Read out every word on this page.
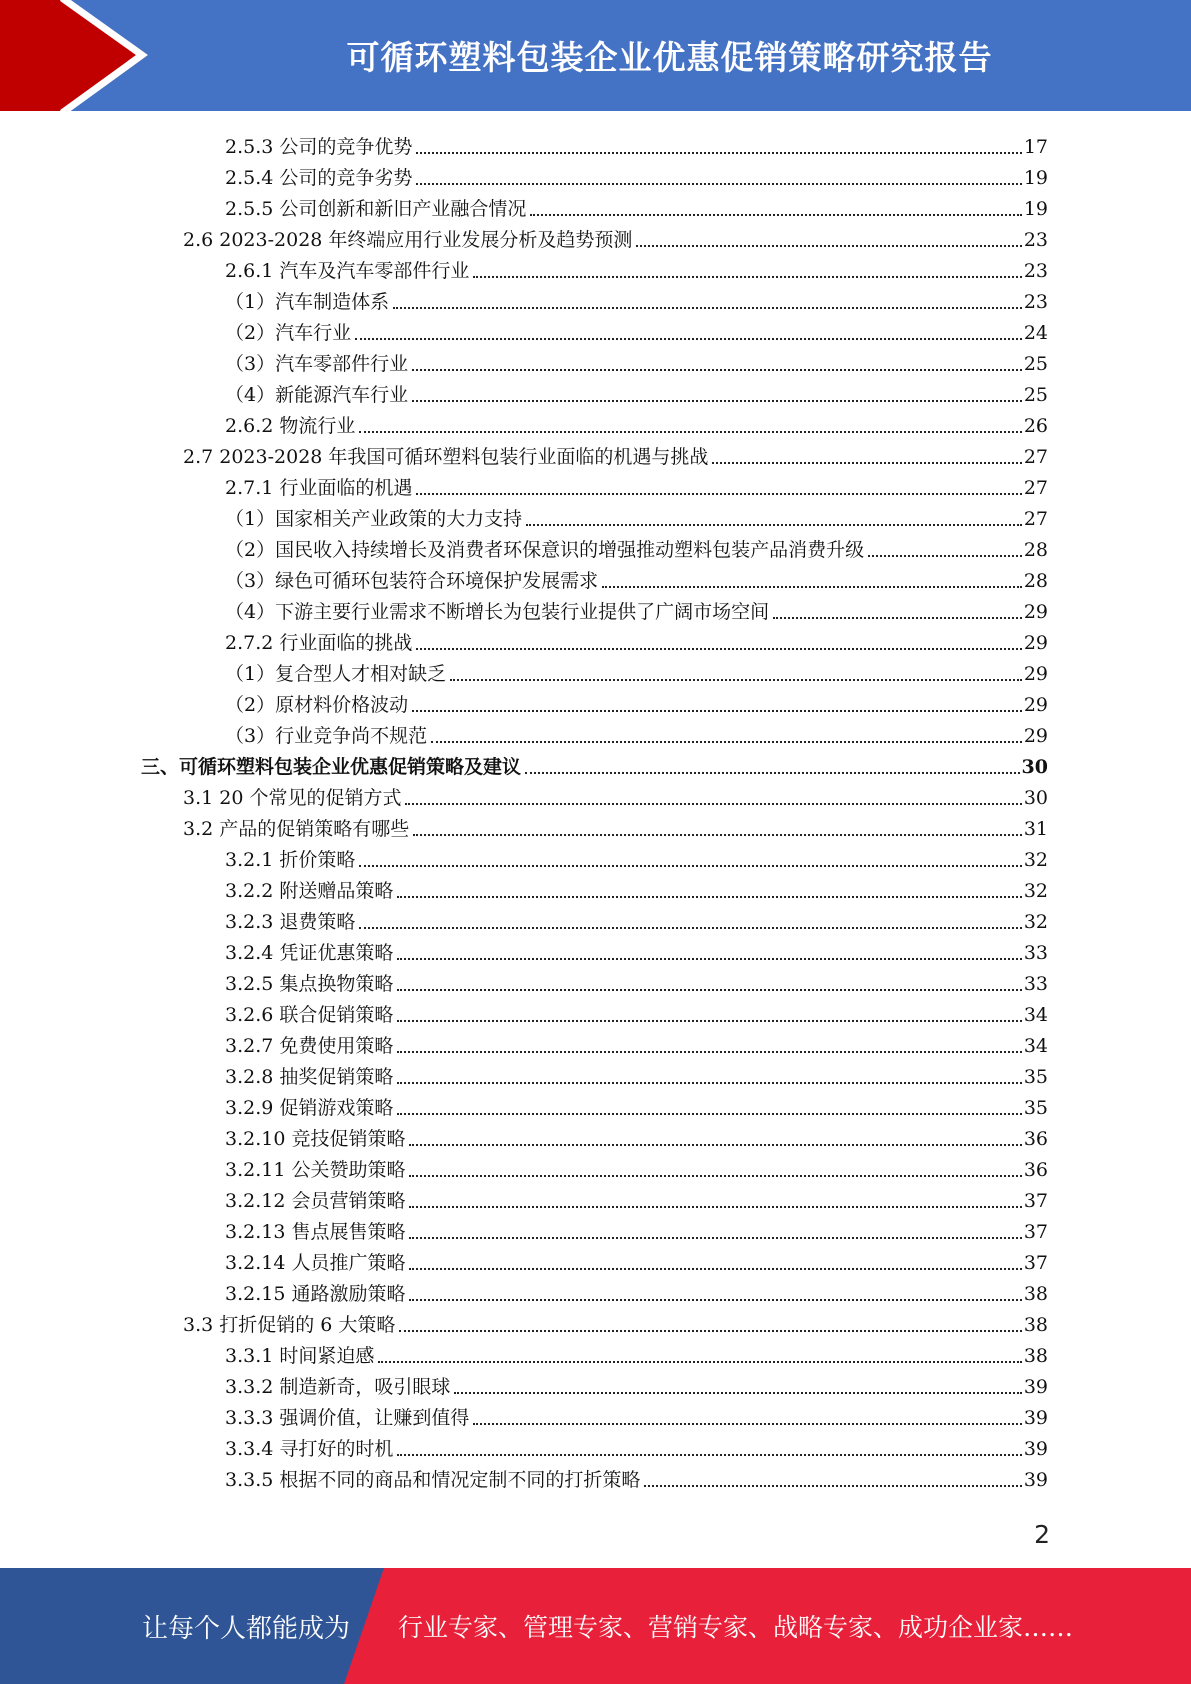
可循环塑料包装企业优惠促销策略研究报告
2.5.3 公司的竞争优势	17
2.5.4 公司的竞争劣势	19
2.5.5 公司创新和新旧产业融合情况	19
2.6 2023-2028 年终端应用行业发展分析及趋势预测	23
2.6.1 汽车及汽车零部件行业	23
（1）汽车制造体系	23
（2）汽车行业	24
（3）汽车零部件行业	25
（4）新能源汽车行业	25
2.6.2 物流行业	26
2.7 2023-2028 年我国可循环塑料包装行业面临的机遇与挑战	27
2.7.1 行业面临的机遇	27
（1）国家相关产业政策的大力支持	27
（2）国民收入持续增长及消费者环保意识的增强推动塑料包装产品消费升级	28
（3）绿色可循环包装符合环境保护发展需求	28
（4）下游主要行业需求不断增长为包装行业提供了广阔市场空间	29
2.7.2 行业面临的挑战	29
（1）复合型人才相对缺乏	29
（2）原材料价格波动	29
（3）行业竞争尚不规范	29
三、可循环塑料包装企业优惠促销策略及建议	30
3.1 20 个常见的促销方式	30
3.2 产品的促销策略有哪些	31
3.2.1 折价策略	32
3.2.2 附送赠品策略	32
3.2.3 退费策略	32
3.2.4 凭证优惠策略	33
3.2.5 集点换物策略	33
3.2.6 联合促销策略	34
3.2.7 免费使用策略	34
3.2.8 抽奖促销策略	35
3.2.9 促销游戏策略	35
3.2.10 竞技促销策略	36
3.2.11 公关赞助策略	36
3.2.12 会员营销策略	37
3.2.13 售点展售策略	37
3.2.14 人员推广策略	37
3.2.15 通路激励策略	38
3.3 打折促销的 6 大策略	38
3.3.1 时间紧迫感	38
3.3.2 制造新奇，吸引眼球	39
3.3.3 强调价值，让赚到值得	39
3.3.4 寻打好的时机	39
3.3.5 根据不同的商品和情况定制不同的打折策略	39
2
让每个人都能成为 行业专家、管理专家、营销专家、战略专家、成功企业家……
